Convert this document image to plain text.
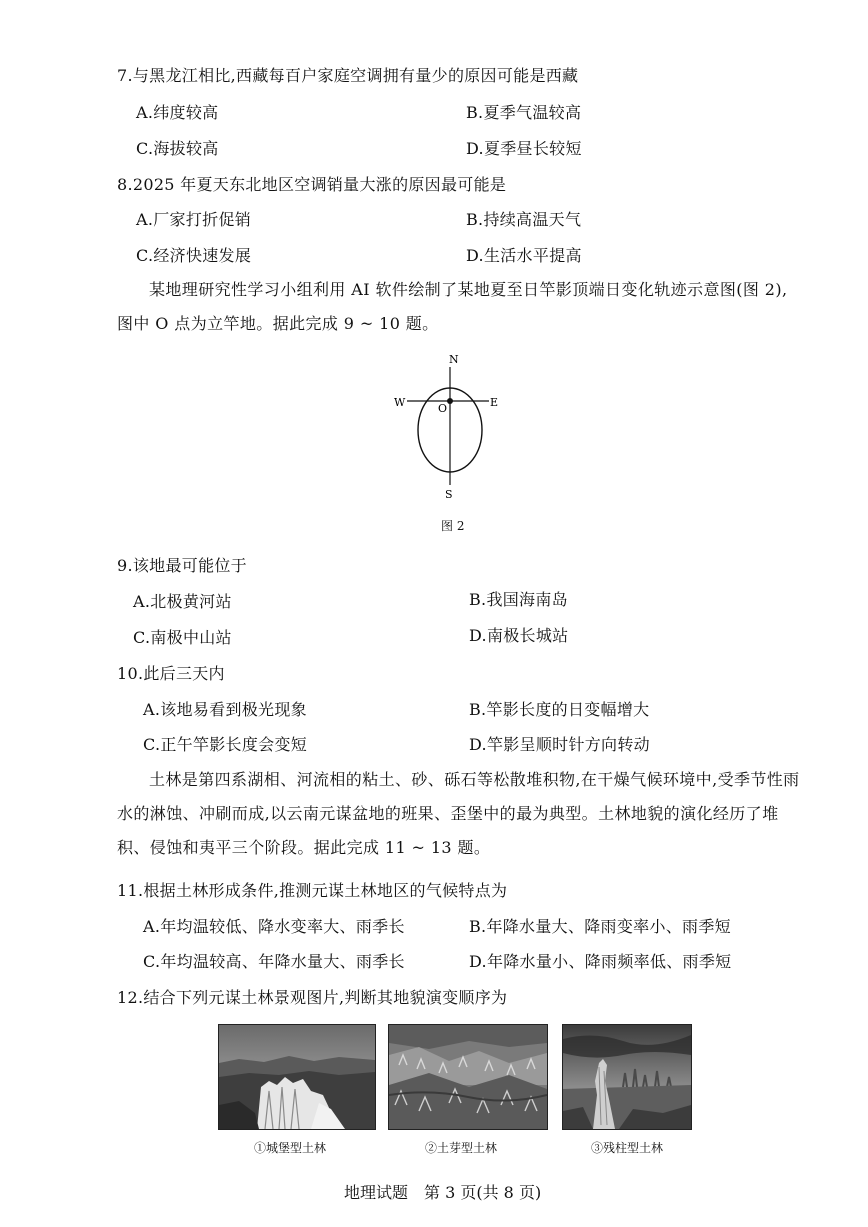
7.与黑龙江相比,西藏每百户家庭空调拥有量少的原因可能是西藏
A.纬度较高	B.夏季气温较高
C.海拔较高	D.夏季昼长较短
8.2025 年夏天东北地区空调销量大涨的原因最可能是
A.厂家打折促销	B.持续高温天气
C.经济快速发展	D.生活水平提高
某地理研究性学习小组利用 AI 软件绘制了某地夏至日竿影顶端日变化轨迹示意图(图 2),图中 O 点为立竿地。据此完成 9 ~ 10 题。
N
W	E
O
S
图 2
9.该地最可能位于
A.北极黄河站	B.我国海南岛
C.南极中山站	D.南极长城站
10.此后三天内
A.该地易看到极光现象	B.竿影长度的日变幅增大
C.正午竿影长度会变短	D.竿影呈顺时针方向转动
土林是第四系湖相、河流相的粘土、砂、砾石等松散堆积物,在干燥气候环境中,受季节性雨水的淋蚀、冲刷而成,以云南元谋盆地的班果、歪堡中的最为典型。土林地貌的演化经历了堆积、侵蚀和夷平三个阶段。据此完成 11 ~ 13 题。
11.根据土林形成条件,推测元谋土林地区的气候特点为
A.年均温较低、降水变率大、雨季长	B.年降水量大、降雨变率小、雨季短
C.年均温较高、年降水量大、雨季长	D.年降水量小、降雨频率低、雨季短
12.结合下列元谋土林景观图片,判断其地貌演变顺序为
①城堡型土林	②土芽型土林	③残柱型土林
地理试题　第 3 页(共 8 页)
